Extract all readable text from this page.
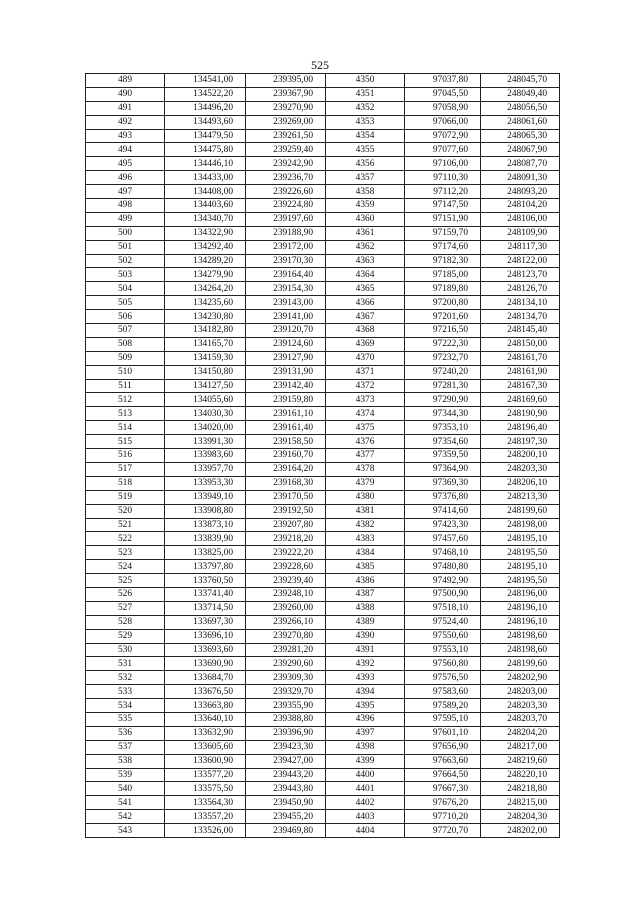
525
489	134541,00	239395,00	4350	97037,80	248045,70
490	134522,20	239367,90	4351	97045,50	248049,40
491	134496,20	239270,90	4352	97058,90	248056,50
492	134493,60	239269,00	4353	97066,00	248061,60
493	134479,50	239261,50	4354	97072,90	248065,30
494	134475,80	239259,40	4355	97077,60	248067,90
495	134446,10	239242,90	4356	97106,00	248087,70
496	134433,00	239236,70	4357	97110,30	248091,30
497	134408,00	239226,60	4358	97112,20	248093,20
498	134403,60	239224,80	4359	97147,50	248104,20
499	134340,70	239197,60	4360	97151,90	248106,00
500	134322,90	239188,90	4361	97159,70	248109,90
501	134292,40	239172,00	4362	97174,60	248117,30
502	134289,20	239170,30	4363	97182,30	248122,00
503	134279,90	239164,40	4364	97185,00	248123,70
504	134264,20	239154,30	4365	97189,80	248126,70
505	134235,60	239143,00	4366	97200,80	248134,10
506	134230,80	239141,00	4367	97201,60	248134,70
507	134182,80	239120,70	4368	97216,50	248145,40
508	134165,70	239124,60	4369	97222,30	248150,00
509	134159,30	239127,90	4370	97232,70	248161,70
510	134150,80	239131,90	4371	97240,20	248161,90
511	134127,50	239142,40	4372	97281,30	248167,30
512	134055,60	239159,80	4373	97290,90	248169,60
513	134030,30	239161,10	4374	97344,30	248190,90
514	134020,00	239161,40	4375	97353,10	248196,40
515	133991,30	239158,50	4376	97354,60	248197,30
516	133983,60	239160,70	4377	97359,50	248200,10
517	133957,70	239164,20	4378	97364,90	248203,30
518	133953,30	239168,30	4379	97369,30	248206,10
519	133949,10	239170,50	4380	97376,80	248213,30
520	133908,80	239192,50	4381	97414,60	248199,60
521	133873,10	239207,80	4382	97423,30	248198,00
522	133839,90	239218,20	4383	97457,60	248195,10
523	133825,00	239222,20	4384	97468,10	248195,50
524	133797,80	239228,60	4385	97480,80	248195,10
525	133760,50	239239,40	4386	97492,90	248195,50
526	133741,40	239248,10	4387	97500,90	248196,00
527	133714,50	239260,00	4388	97518,10	248196,10
528	133697,30	239266,10	4389	97524,40	248196,10
529	133696,10	239270,80	4390	97550,60	248198,60
530	133693,60	239281,20	4391	97553,10	248198,60
531	133690,90	239290,60	4392	97560,80	248199,60
532	133684,70	239309,30	4393	97576,50	248202,90
533	133676,50	239329,70	4394	97583,60	248203,00
534	133663,80	239355,90	4395	97589,20	248203,30
535	133640,10	239388,80	4396	97595,10	248203,70
536	133632,90	239396,90	4397	97601,10	248204,20
537	133605,60	239423,30	4398	97656,90	248217,00
538	133600,90	239427,00	4399	97663,60	248219,60
539	133577,20	239443,20	4400	97664,50	248220,10
540	133575,50	239443,80	4401	97667,30	248218,80
541	133564,30	239450,90	4402	97676,20	248215,00
542	133557,20	239455,20	4403	97710,20	248204,30
543	133526,00	239469,80	4404	97720,70	248202,00
